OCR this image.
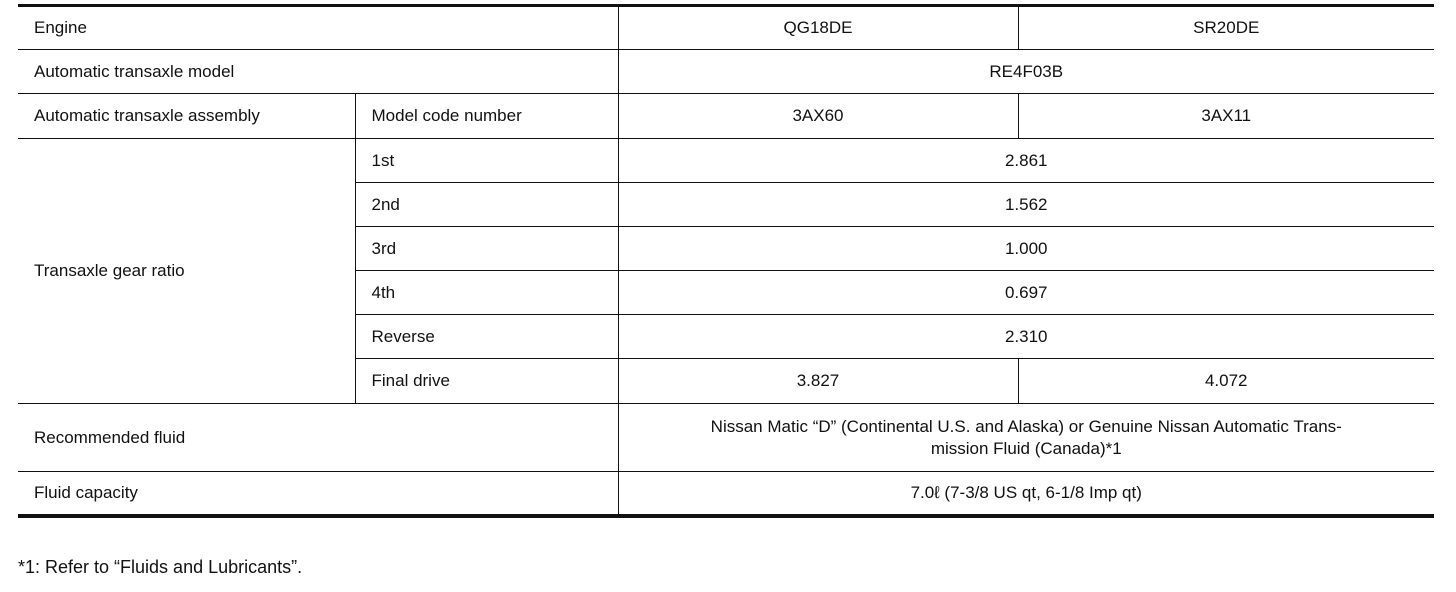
Engine		QG18DE	SR20DE
Automatic transaxle model		RE4F03B	
Automatic transaxle assembly	Model code number	3AX60	3AX11
Transaxle gear ratio	1st	2.861	
	2nd	1.562	
	3rd	1.000	
	4th	0.697	
	Reverse	2.310	
	Final drive	3.827	4.072
Recommended fluid		Nissan Matic “D” (Continental U.S. and Alaska) or Genuine Nissan Automatic Trans-
mission Fluid (Canada)*1	
Fluid capacity		7.0ℓ (7-3/8 US qt, 6-1/8 Imp qt)	
*1: Refer to “Fluids and Lubricants”.
